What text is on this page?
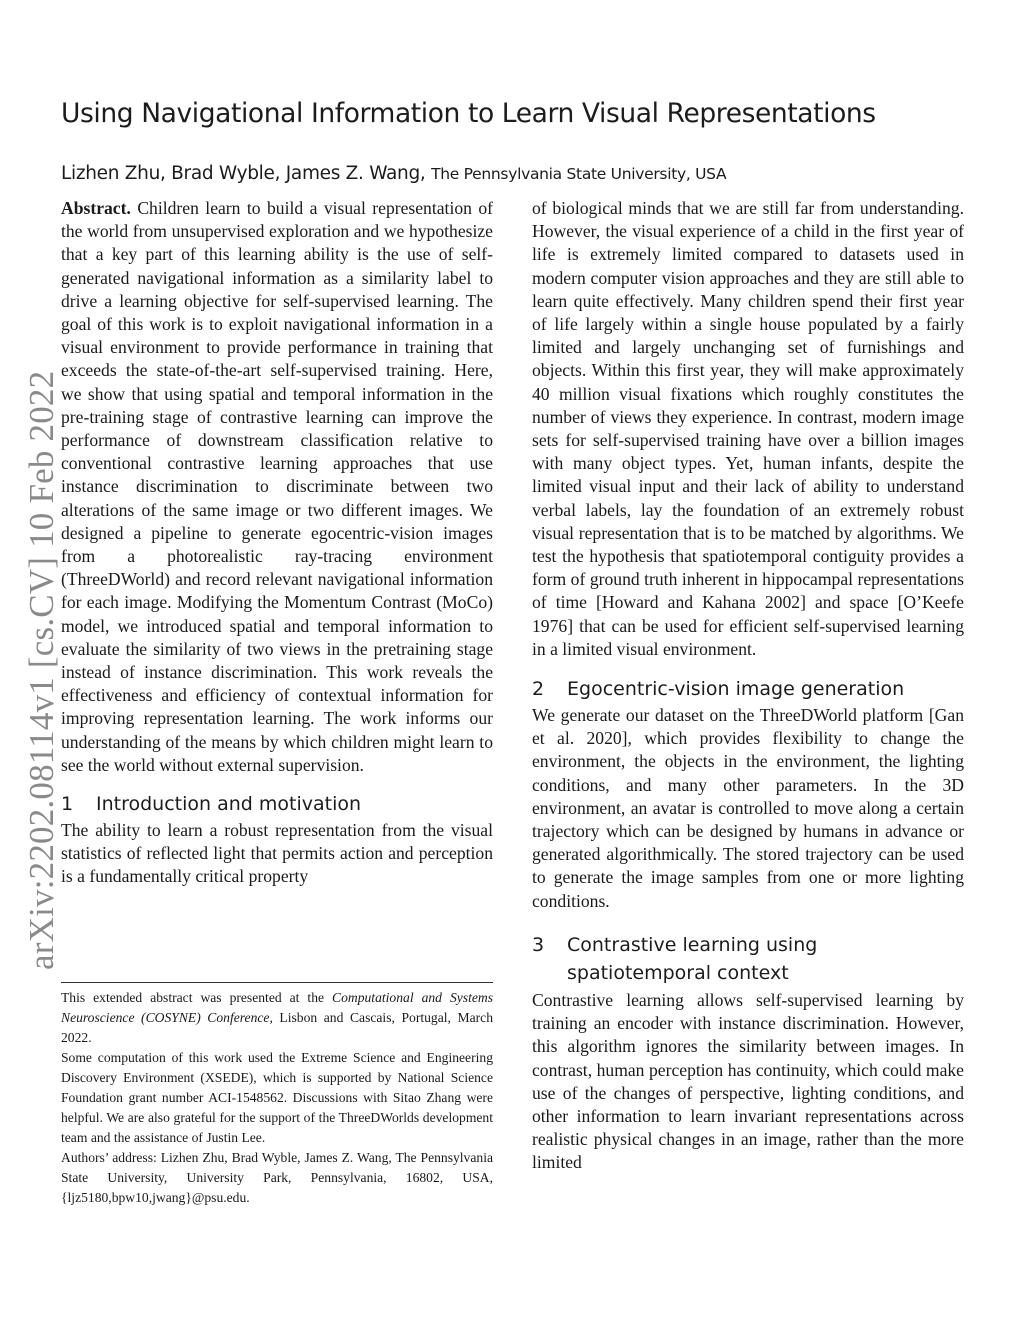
Using Navigational Information to Learn Visual Representations
Lizhen Zhu, Brad Wyble, James Z. Wang, The Pennsylvania State University, USA
arXiv:2202.08114v1 [cs.CV] 10 Feb 2022

Abstract. Children learn to build a visual representation of the world from unsupervised exploration and we hypothesize that a key part of this learning ability is the use of self-generated navigational information as a similarity label to drive a learning objective for self-supervised learning. The goal of this work is to exploit navigational information in a visual environment to provide performance in training that exceeds the state-of-the-art self-supervised training. Here, we show that using spatial and temporal information in the pre-training stage of contrastive learning can improve the performance of downstream classification relative to conventional contrastive learning approaches that use instance discrimination to discriminate between two alterations of the same image or two different images. We designed a pipeline to generate egocentric-vision images from a photorealistic ray-tracing environment (ThreeDWorld) and record relevant navigational information for each image. Modifying the Momentum Contrast (MoCo) model, we introduced spatial and temporal information to evaluate the similarity of two views in the pretraining stage instead of instance discrimination. This work reveals the effectiveness and efficiency of contextual information for improving representation learning. The work informs our understanding of the means by which children might learn to see the world without external supervision.

1	Introduction and motivation

The ability to learn a robust representation from the visual statistics of reflected light that permits action and perception is a fundamentally critical property

This extended abstract was presented at the Computational and Systems Neuroscience (COSYNE) Conference, Lisbon and Cascais, Portugal, March 2022.

Some computation of this work used the Extreme Science and Engineering Discovery Environment (XSEDE), which is supported by National Science Foundation grant number ACI-1548562. Discussions with Sitao Zhang were helpful. We are also grateful for the support of the ThreeDWorlds development team and the assistance of Justin Lee.

Authors’ address: Lizhen Zhu, Brad Wyble, James Z. Wang, The Pennsylvania State University, University Park, Pennsylvania, 16802, USA, {ljz5180,bpw10,jwang}@psu.edu.

of biological minds that we are still far from understanding. However, the visual experience of a child in the first year of life is extremely limited compared to datasets used in modern computer vision approaches and they are still able to learn quite effectively. Many children spend their first year of life largely within a single house populated by a fairly limited and largely unchanging set of furnishings and objects. Within this first year, they will make approximately 40 million visual fixations which roughly constitutes the number of views they experience. In contrast, modern image sets for self-supervised training have over a billion images with many object types. Yet, human infants, despite the limited visual input and their lack of ability to understand verbal labels, lay the foundation of an extremely robust visual representation that is to be matched by algorithms. We test the hypothesis that spatiotemporal contiguity provides a form of ground truth inherent in hippocampal representations of time [Howard and Kahana 2002] and space [O’Keefe 1976] that can be used for efficient self-supervised learning in a limited visual environment.

2	Egocentric-vision image generation

We generate our dataset on the ThreeDWorld platform [Gan et al. 2020], which provides flexibility to change the environment, the objects in the environment, the lighting conditions, and many other parameters. In the 3D environment, an avatar is controlled to move along a certain trajectory which can be designed by humans in advance or generated algorithmically. The stored trajectory can be used to generate the image samples from one or more lighting conditions.

3	Contrastive learning using spatiotemporal context

Contrastive learning allows self-supervised learning by training an encoder with instance discrimination. However, this algorithm ignores the similarity between images. In contrast, human perception has continuity, which could make use of the changes of perspective, lighting conditions, and other information to learn invariant representations across realistic physical changes in an image, rather than the more limited
